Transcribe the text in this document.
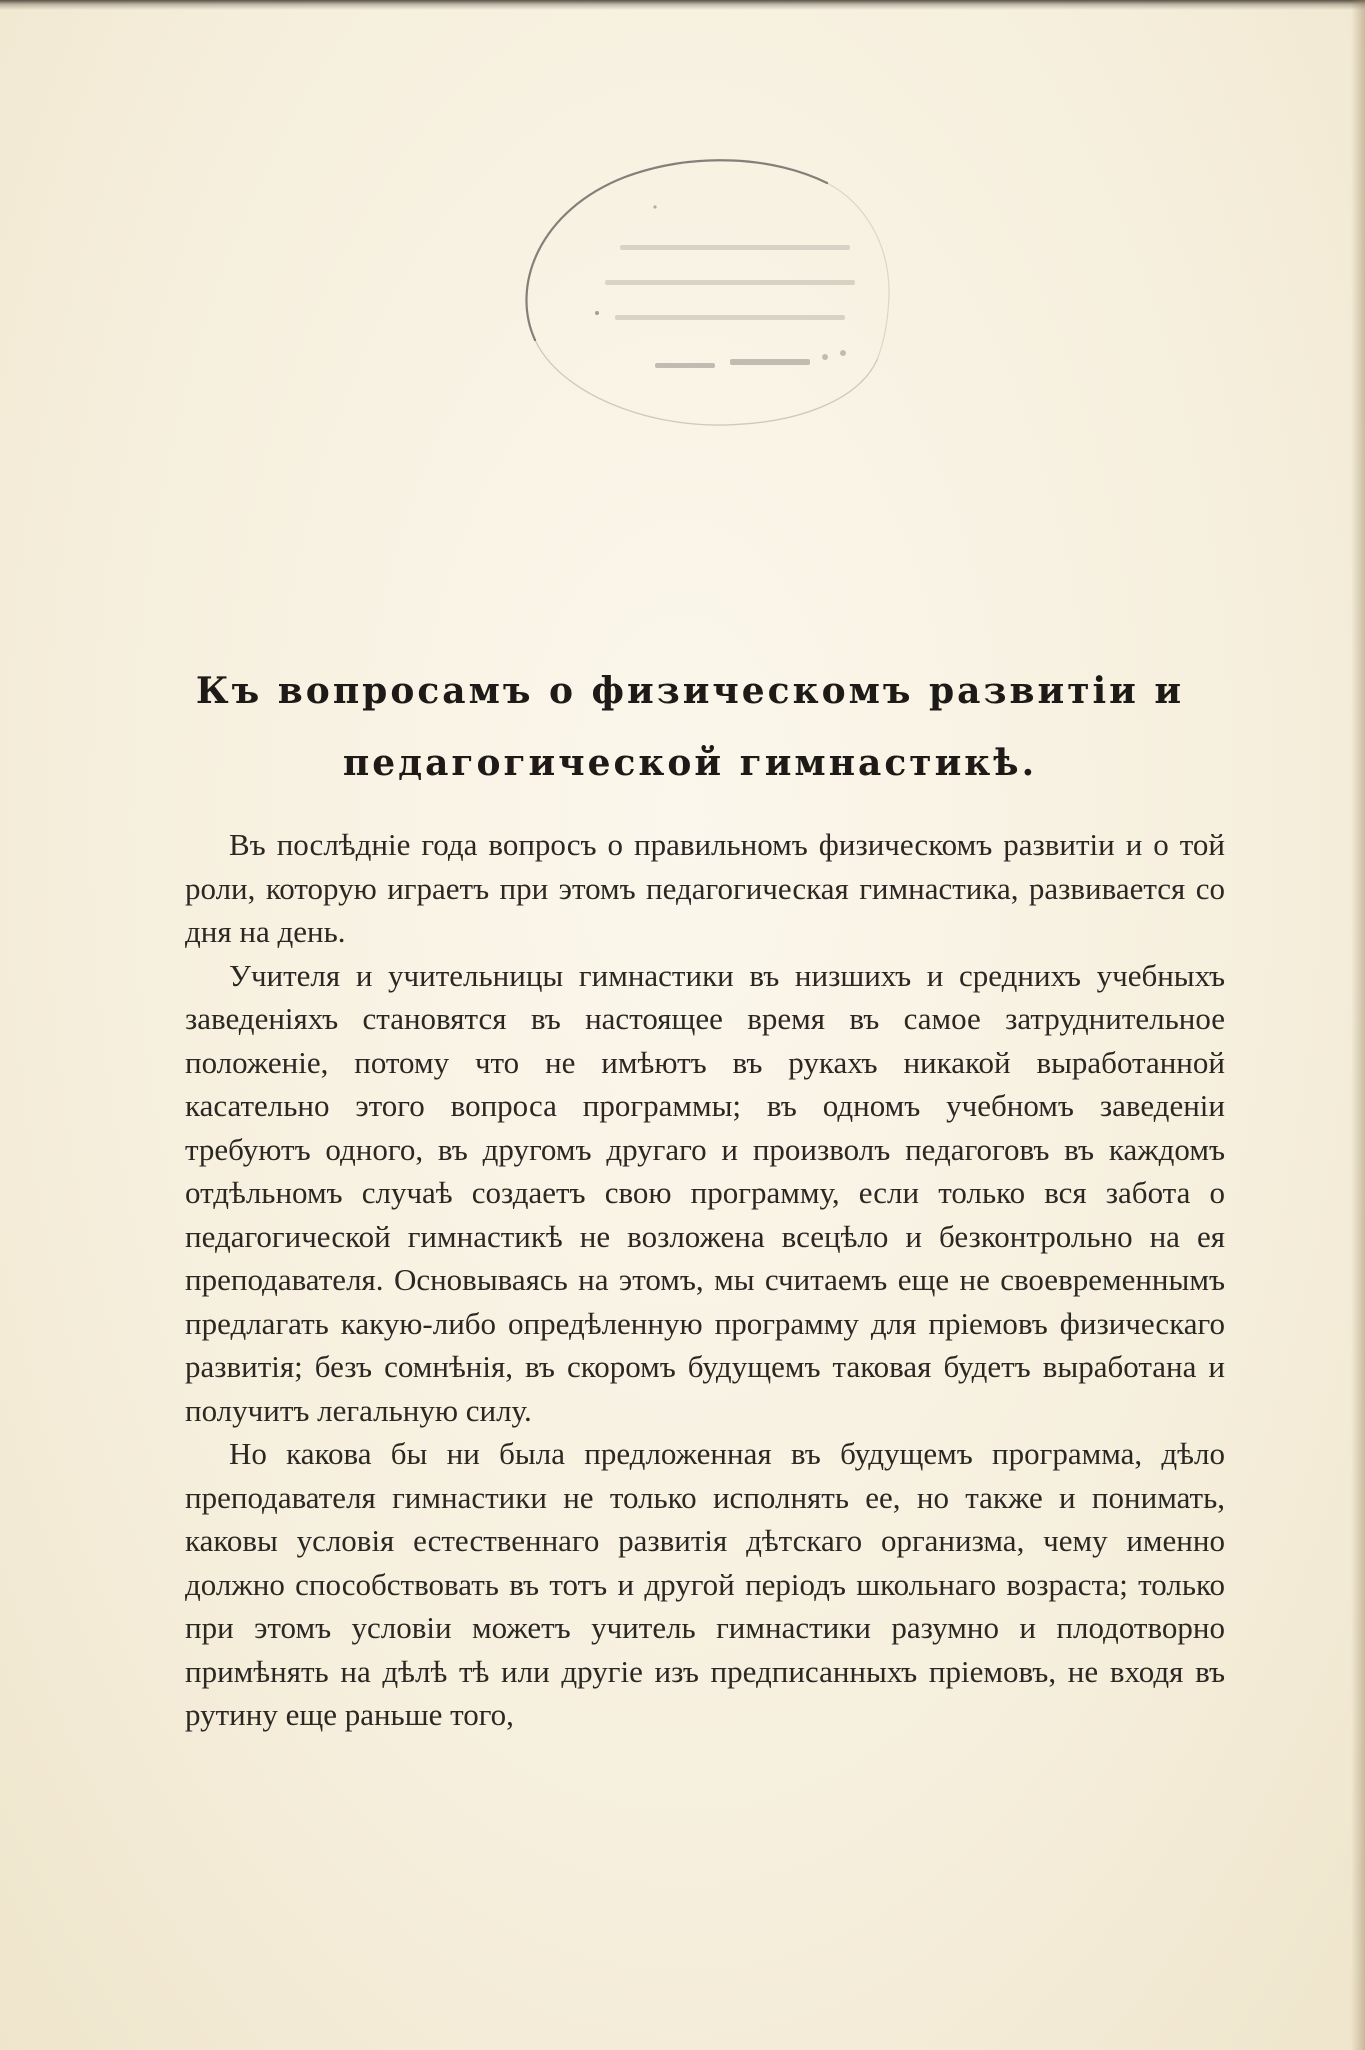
Къ вопросамъ о физическомъ развитіи и педагогической гимнастикѣ.

Въ послѣдніе года вопросъ о правильномъ физическомъ развитіи и о той роли, которую играетъ при этомъ педагогическая гимнастика, развивается со дня на день.

Учителя и учительницы гимнастики въ низшихъ и среднихъ учебныхъ заведеніяхъ становятся въ настоящее время въ самое затруднительное положеніе, потому что не имѣютъ въ рукахъ никакой выработанной касательно этого вопроса программы; въ одномъ учебномъ заведеніи требуютъ одного, въ другомъ другаго и произволъ педагоговъ въ каждомъ отдѣльномъ случаѣ создаетъ свою программу, если только вся забота о педагогической гимнастикѣ не возложена всецѣло и безконтрольно на ея преподавателя. Основываясь на этомъ, мы считаемъ еще не своевременнымъ предлагать какую-либо опредѣленную программу для пріемовъ физическаго развитія; безъ сомнѣнія, въ скоромъ будущемъ таковая будетъ выработана и получитъ легальную силу.

Но какова бы ни была предложенная въ будущемъ программа, дѣло преподавателя гимнастики не только исполнять ее, но также и понимать, каковы условія естественнаго развитія дѣтскаго организма, чему именно должно способствовать въ тотъ и другой періодъ школьнаго возраста; только при этомъ условіи можетъ учитель гимнастики разумно и плодотворно примѣнять на дѣлѣ тѣ или другіе изъ предписанныхъ пріемовъ, не входя въ рутину еще раньше того,
